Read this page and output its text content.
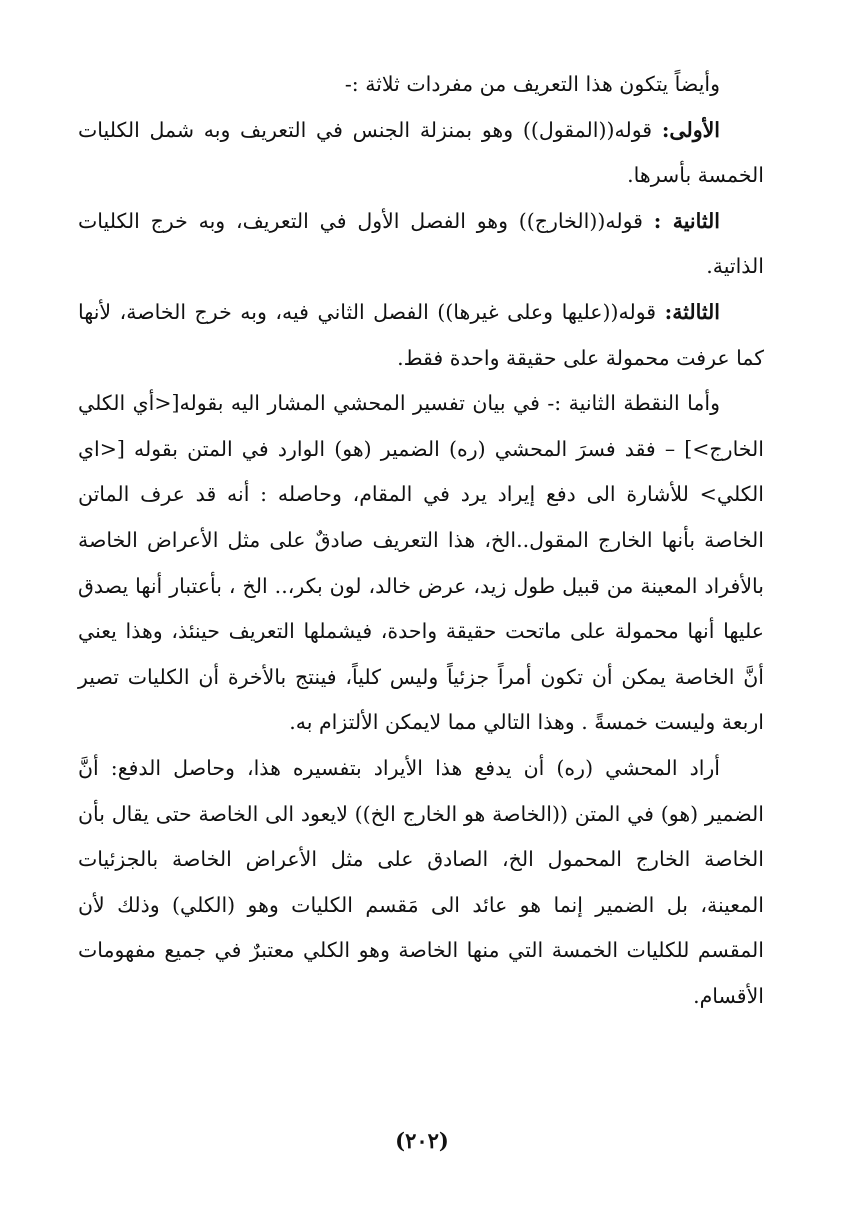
وأيضاً يتكون هذا التعريف من مفردات ثلاثة :-

الأولى: قوله((المقول)) وهو بمنزلة الجنس في التعريف وبه شمل الكليات الخمسة بأسرها.

الثانية : قوله((الخارج)) وهو الفصل الأول في التعريف، وبه خرج الكليات الذاتية.

الثالثة: قوله((عليها وعلى غيرها)) الفصل الثاني فيه، وبه خرج الخاصة، لأنها كما عرفت محمولة على حقيقة واحدة فقط.

وأما النقطة الثانية :- في بيان تفسير المحشي المشار اليه بقوله[<أي الكلي الخارج>] – فقد فسرَ المحشي (ره) الضمير (هو) الوارد في المتن بقوله [<اي الكلي> للأشارة الى دفع إيراد يرد في المقام، وحاصله : أنه قد عرف الماتن الخاصة بأنها الخارج المقول..الخ، هذا التعريف صادقٌ على مثل الأعراض الخاصة بالأفراد المعينة من قبيل طول زيد، عرض خالد، لون بكر،.. الخ ، بأعتبار أنها يصدق عليها أنها محمولة على ماتحت حقيقة واحدة، فيشملها التعريف حينئذ، وهذا يعني أنَّ الخاصة يمكن أن تكون أمراً جزئياً وليس كلياً، فينتج بالأخرة أن الكليات تصير اربعة وليست خمسةً . وهذا التالي مما لايمكن الألتزام به.

أراد المحشي (ره) أن يدفع هذا الأيراد بتفسيره هذا، وحاصل الدفع: أنَّ الضمير (هو) في المتن ((الخاصة هو الخارج الخ)) لايعود الى الخاصة حتى يقال بأن الخاصة الخارج المحمول الخ، الصادق على مثل الأعراض الخاصة بالجزئيات المعينة، بل الضمير إنما هو عائد الى مَقسم الكليات وهو (الكلي) وذلك لأن المقسم للكليات الخمسة التي منها الخاصة وهو الكلي معتبرٌ في جميع مفهومات الأقسام.

(٢٠٢)
